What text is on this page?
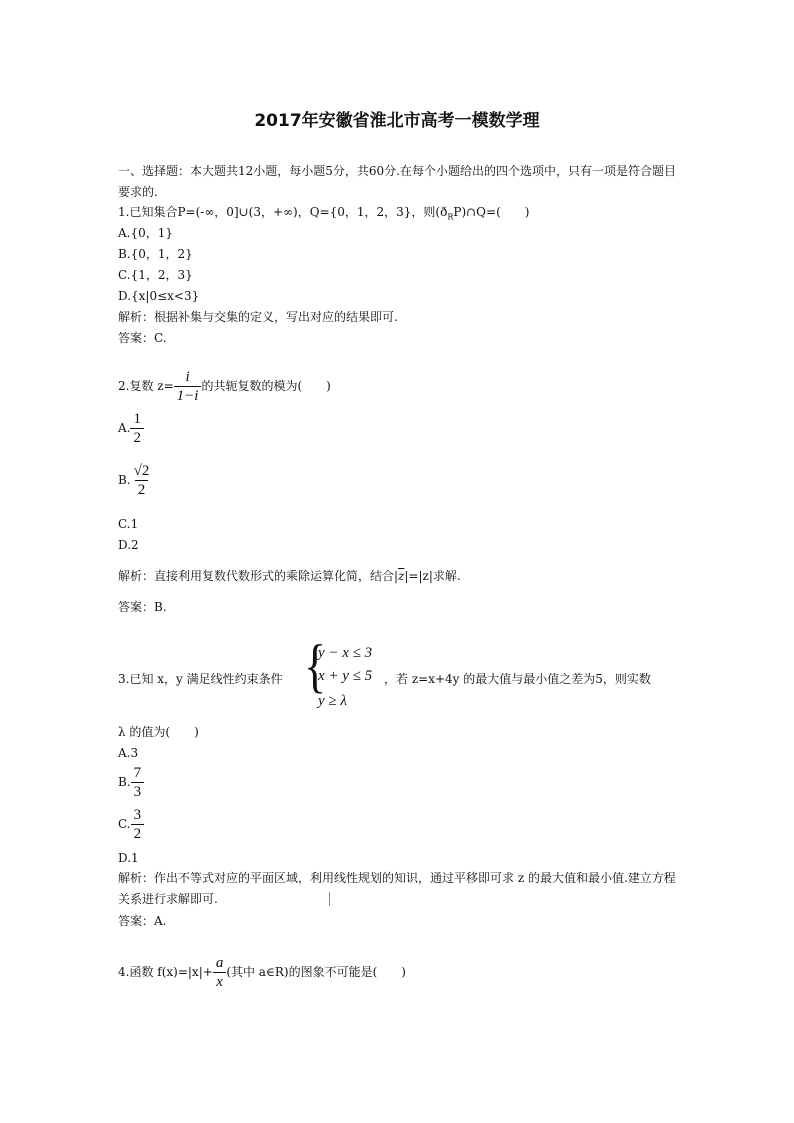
2017年安徽省淮北市高考一模数学理
一、选择题：本大题共12小题，每小题5分，共60分.在每个小题给出的四个选项中，只有一项是符合题目要求的.
1.已知集合P=(-∞，0]∪(3，+∞)，Q={0，1，2，3}，则$(ð_RP)\cap Q=$(　　)
A.{0，1}
B.{0，1，2}
C.{1，2，3}
D.{x|0≤x<3}
解析：根据补集与交集的定义，写出对应的结果即可.
答案：C.
2.复数 $z= \frac{i}{1-i}$ 的共轭复数的模为(　　)
A. $\frac{1}{2}$
B. $\frac{√2}{2}$
C.1
D.2
解析：直接利用复数代数形式的乘除运算化简，结合$|\overline{z}|=|z|$求解.
答案：B.
3.已知 x，y 满足线性约束条件 {
y − x ≤ 3
x + y ≤ 5
y ≥ λ
，若 z=x+4y 的最大值与最小值之差为5，则实数
λ 的值为(　　)
A.3
B. $\frac{7}{3}$
C. $\frac{3}{2}$
D.1
解析：作出不等式对应的平面区域，利用线性规划的知识，通过平移即可求 z 的最大值和最小值.建立方程关系进行求解即可.
答案：A.
4.函数 $f(x)=|x|+ \frac{a}{x}$ (其中 a∈R)的图象不可能是(　　)
